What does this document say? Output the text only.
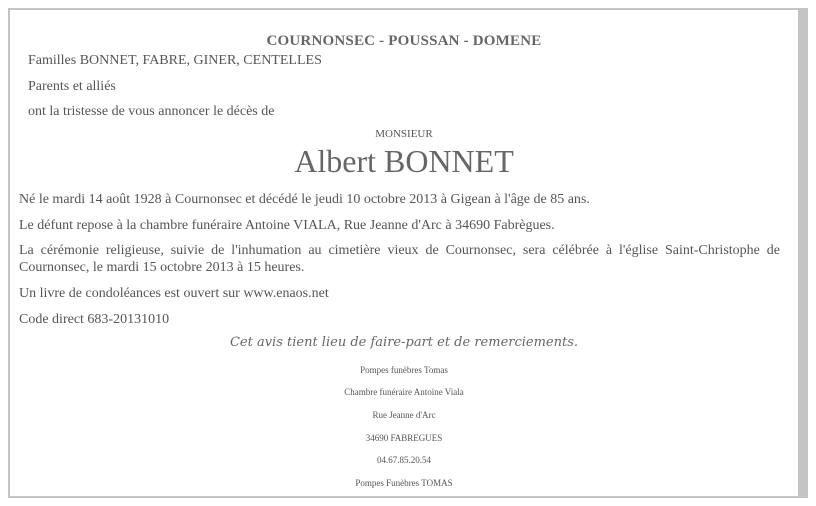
COURNONSEC - POUSSAN - DOMENE
Familles BONNET, FABRE, GINER, CENTELLES
Parents et alliés
ont la tristesse de vous annoncer le décès de
MONSIEUR
Albert BONNET
Né le mardi 14 août 1928 à Cournonsec et décédé le jeudi 10 octobre 2013 à Gigean à l'âge de 85 ans.
Le défunt repose à la chambre funéraire Antoine VIALA, Rue Jeanne d'Arc à 34690 Fabrègues.
La cérémonie religieuse, suivie de l'inhumation au cimetière vieux de Cournonsec, sera célébrée à l'église Saint-Christophe de Cournonsec, le mardi 15 octobre 2013 à 15 heures.
Un livre de condoléances est ouvert sur www.enaos.net
Code direct 683-20131010
Cet avis tient lieu de faire-part et de remerciements.
Pompes funèbres Tomas
Chambre funéraire Antoine Viala
Rue Jeanne d'Arc
34690 FABREGUES
04.67.85.20.54
Pompes Funèbres TOMAS
